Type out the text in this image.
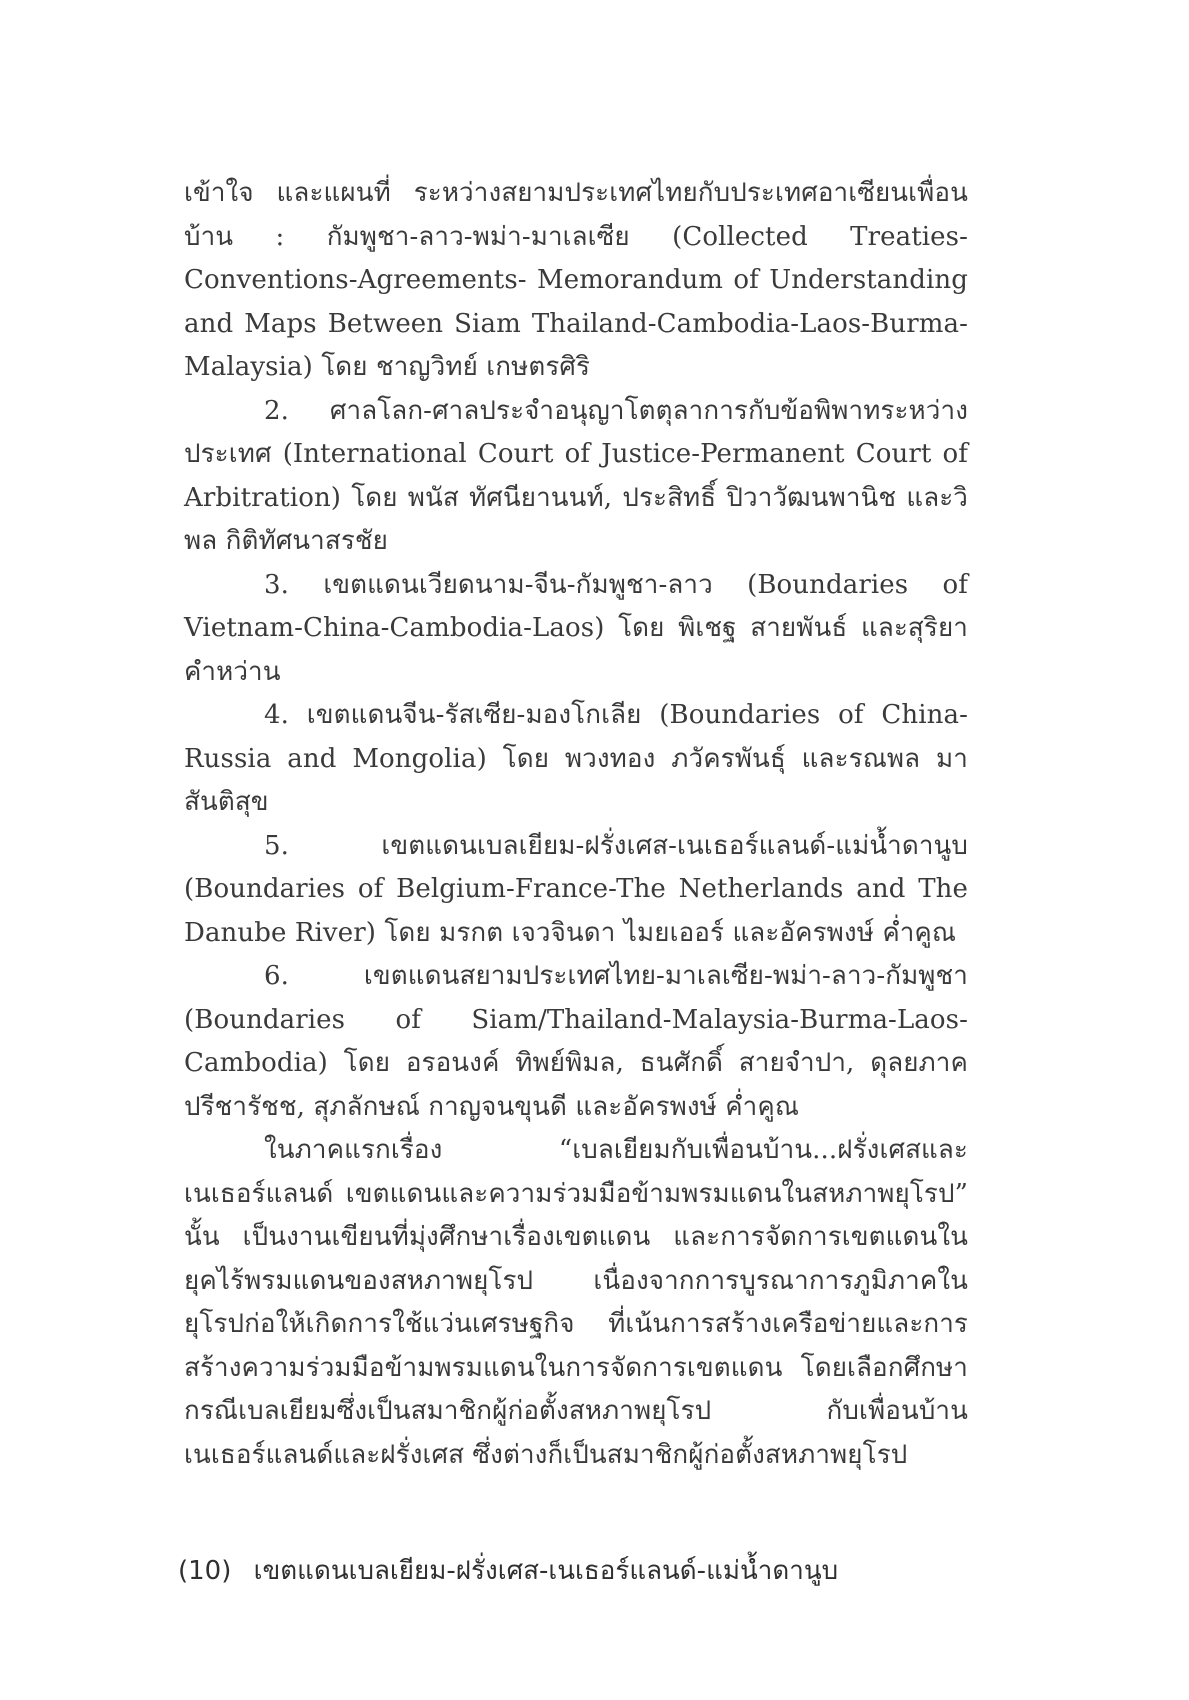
เข้าใจ และแผนที่ ระหว่างสยามประเทศไทยกับประเทศอาเซียนเพื่อนบ้าน : กัมพูชา-ลาว-พม่า-มาเลเซีย (Collected Treaties-Conventions-Agreements- Memorandum of Understanding and Maps Between Siam Thailand-Cambodia-Laos-Burma-Malaysia) โดย ชาญวิทย์ เกษตรศิริ

2. ศาลโลก-ศาลประจำอนุญาโตตุลาการกับข้อพิพาทระหว่างประเทศ (International Court of Justice-Permanent Court of Arbitration) โดย พนัส ทัศนียานนท์, ประสิทธิ์ ปิวาวัฒนพานิช และวิพล กิติทัศนาสรชัย

3. เขตแดนเวียดนาม-จีน-กัมพูชา-ลาว (Boundaries of Vietnam-China-Cambodia-Laos) โดย พิเชฐ สายพันธ์ และสุริยา คำหว่าน

4. เขตแดนจีน-รัสเซีย-มองโกเลีย (Boundaries of China-Russia and Mongolia) โดย พวงทอง ภวัครพันธุ์ และรณพล มาสันติสุข

5. เขตแดนเบลเยียม-ฝรั่งเศส-เนเธอร์แลนด์-แม่น้ำดานูบ (Boundaries of Belgium-France-The Netherlands and The Danube River) โดย มรกต เจวจินดา ไมยเออร์ และอัครพงษ์ ค่ำคูณ

6. เขตแดนสยามประเทศไทย-มาเลเซีย-พม่า-ลาว-กัมพูชา (Boundaries of Siam/Thailand-Malaysia-Burma-Laos-Cambodia) โดย อรอนงค์ ทิพย์พิมล, ธนศักดิ์ สายจำปา, ดุลยภาค ปรีชารัชช, สุภลักษณ์ กาญจนขุนดี และอัครพงษ์ ค่ำคูณ

ในภาคแรกเรื่อง “เบลเยียมกับเพื่อนบ้าน...ฝรั่งเศสและเนเธอร์แลนด์ เขตแดนและความร่วมมือข้ามพรมแดนในสหภาพยุโรป” นั้น เป็นงานเขียนที่มุ่งศึกษาเรื่องเขตแดน และการจัดการเขตแดนในยุคไร้พรมแดนของสหภาพยุโรป เนื่องจากการบูรณาการภูมิภาคในยุโรปก่อให้เกิดการใช้แว่นเศรษฐกิจ ที่เน้นการสร้างเครือข่ายและการสร้างความร่วมมือข้ามพรมแดนในการจัดการเขตแดน โดยเลือกศึกษากรณีเบลเยียมซึ่งเป็นสมาชิกผู้ก่อตั้งสหภาพยุโรป กับเพื่อนบ้านเนเธอร์แลนด์และฝรั่งเศส ซึ่งต่างก็เป็นสมาชิกผู้ก่อตั้งสหภาพยุโรป

(10) เขตแดนเบลเยียม-ฝรั่งเศส-เนเธอร์แลนด์-แม่น้ำดานูบ
